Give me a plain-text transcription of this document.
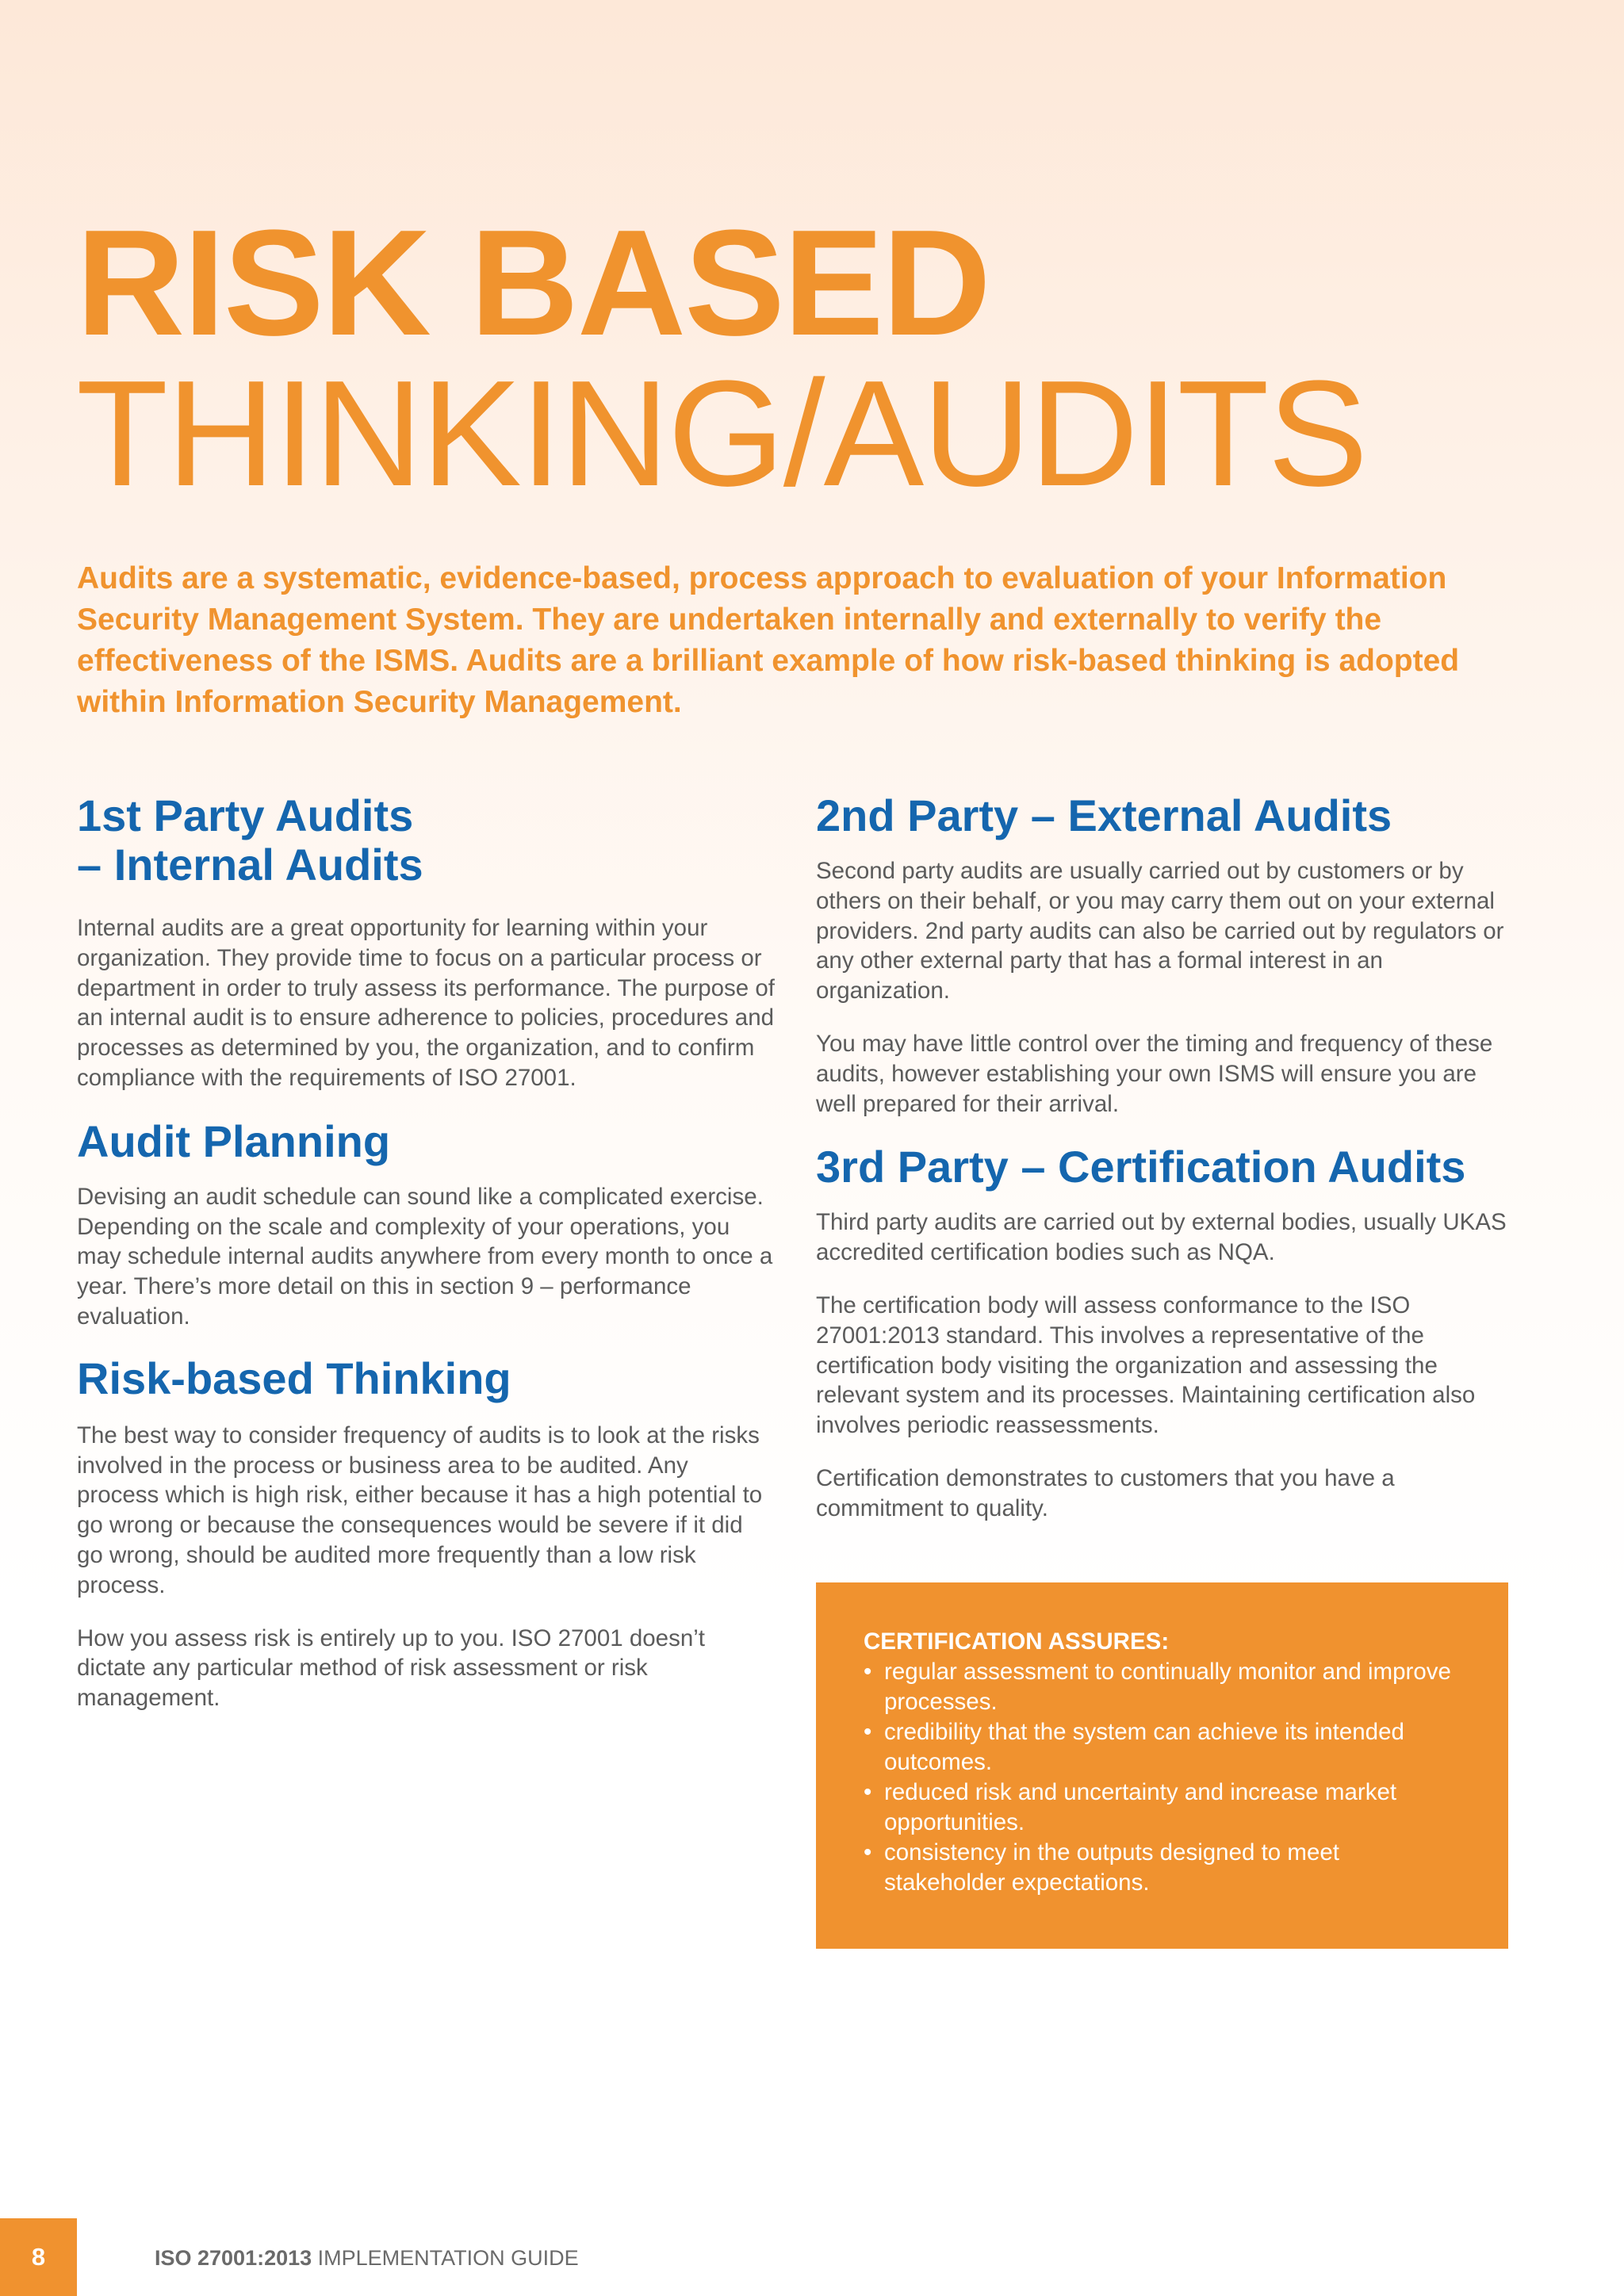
RISK BASED
THINKING/AUDITS

Audits are a systematic, evidence-based, process approach to evaluation of your Information Security Management System. They are undertaken internally and externally to verify the effectiveness of the ISMS. Audits are a brilliant example of how risk-based thinking is adopted within Information Security Management.

1st Party Audits
– Internal Audits

Internal audits are a great opportunity for learning within your organization. They provide time to focus on a particular process or department in order to truly assess its performance. The purpose of an internal audit is to ensure adherence to policies, procedures and processes as determined by you, the organization, and to confirm compliance with the requirements of ISO 27001.

Audit Planning

Devising an audit schedule can sound like a complicated exercise. Depending on the scale and complexity of your operations, you may schedule internal audits anywhere from every month to once a year. There’s more detail on this in section 9 – performance evaluation.

Risk-based Thinking

The best way to consider frequency of audits is to look at the risks involved in the process or business area to be audited. Any process which is high risk, either because it has a high potential to go wrong or because the consequences would be severe if it did go wrong, should be audited more frequently than a low risk process.

How you assess risk is entirely up to you. ISO 27001 doesn’t dictate any particular method of risk assessment or risk management.

2nd Party – External Audits

Second party audits are usually carried out by customers or by others on their behalf, or you may carry them out on your external providers. 2nd party audits can also be carried out by regulators or any other external party that has a formal interest in an organization.

You may have little control over the timing and frequency of these audits, however establishing your own ISMS will ensure you are well prepared for their arrival.

3rd Party – Certification Audits

Third party audits are carried out by external bodies, usually UKAS accredited certification bodies such as NQA.

The certification body will assess conformance to the ISO 27001:2013 standard. This involves a representative of the certification body visiting the organization and assessing the relevant system and its processes. Maintaining certification also involves periodic reassessments.

Certification demonstrates to customers that you have a commitment to quality.

CERTIFICATION ASSURES:
• regular assessment to continually monitor and improve processes.
• credibility that the system can achieve its intended outcomes.
• reduced risk and uncertainty and increase market opportunities.
• consistency in the outputs designed to meet stakeholder expectations.
8	ISO 27001:2013 IMPLEMENTATION GUIDE
